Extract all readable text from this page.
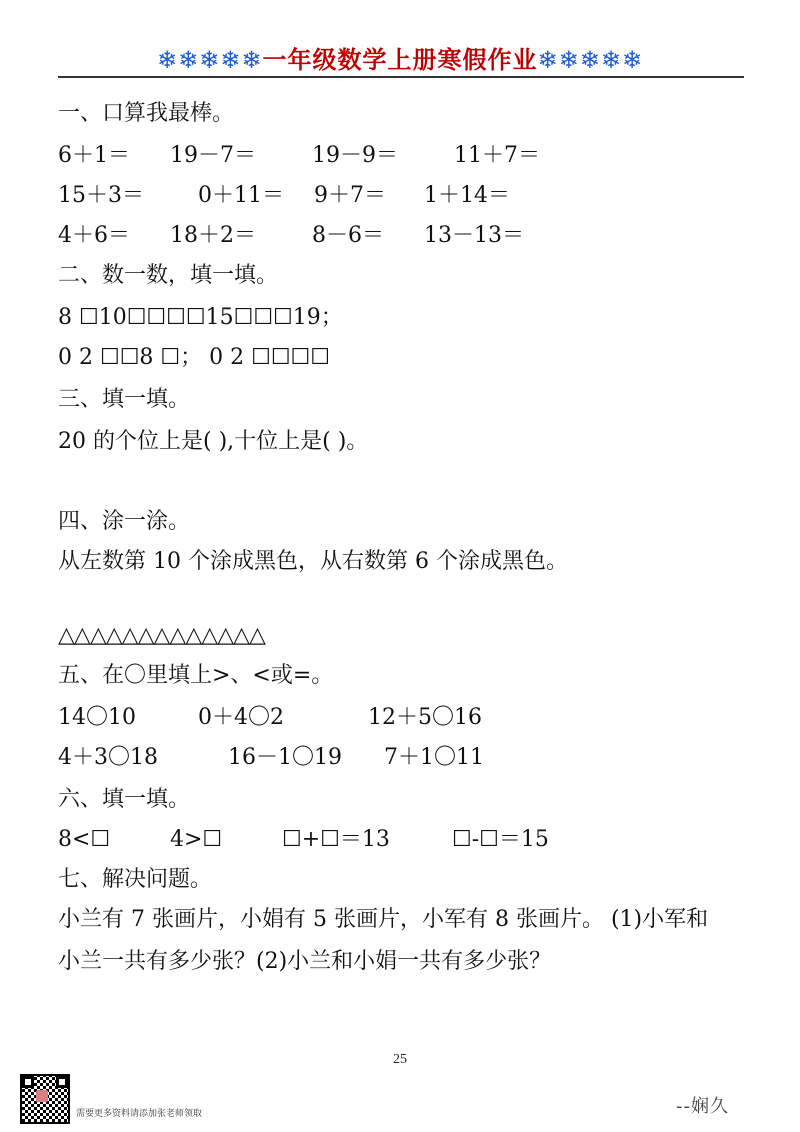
❄❄❄❄❄一年级数学上册寒假作业❄❄❄❄❄
一、口算我最棒。
6＋1＝ 19－7＝	19－9＝	11＋7＝
15＋3＝ 0＋11＝ 9＋7＝ 1＋14＝
4＋6＝ 18＋2＝	8－6＝ 13－13＝
二、数一数，填一填。
8 ☐10☐☐☐☐15☐☐☐19；
0 2 ☐☐8 ☐； 0 2 ☐☐☐☐
三、填一填。
20 的个位上是( ),十位上是( )。
四、涂一涂。
从左数第 10 个涂成黑色，从右数第 6 个涂成黑色。
△△△△△△△△△△△△△
五、在〇里填上>、<或=。
14〇10	0＋4〇2	12＋5〇16
4＋3〇18	16－1〇19 7＋1〇11
六、填一填。
8<☐	4>☐	☐+☐＝13	☐-☐＝15
七、解决问题。
小兰有 7 张画片，小娟有 5 张画片，小军有 8 张画片。 (1)小军和
小兰一共有多少张？(2)小兰和小娟一共有多少张？
25
需要更多资料请添加张老师领取	--娴久
